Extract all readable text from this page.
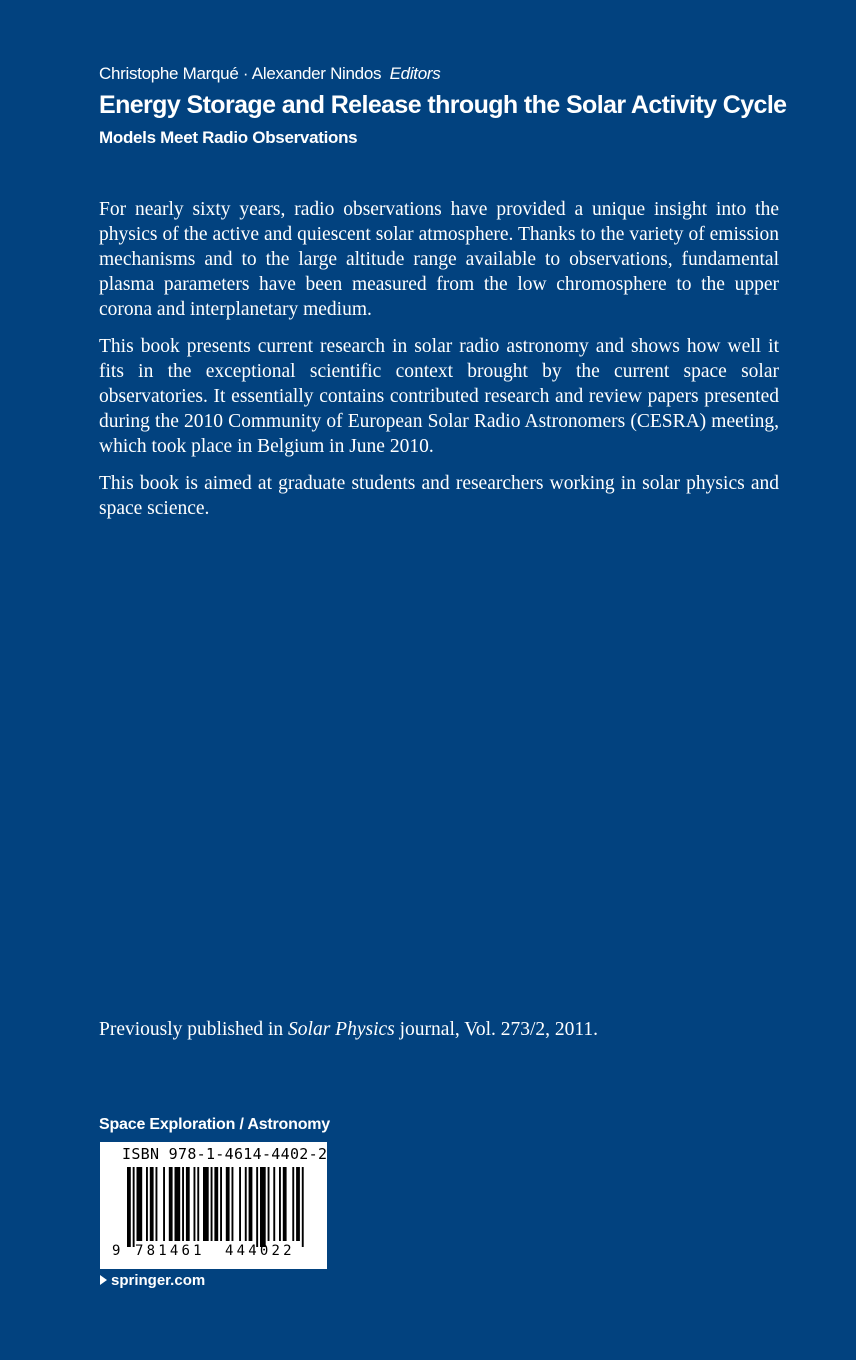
Christophe Marqué · Alexander Nindos Editors
Energy Storage and Release through the Solar Activity Cycle
Models Meet Radio Observations

For nearly sixty years, radio observations have provided a unique insight into the physics of the active and quiescent solar atmosphere. Thanks to the variety of emission mechanisms and to the large altitude range available to observations, fundamental plasma parameters have been measured from the low chromosphere to the upper corona and interplanetary medium.

This book presents current research in solar radio astronomy and shows how well it fits in the exceptional scientific context brought by the current space solar observatories. It essentially contains contributed research and review papers presented during the 2010 Community of European Solar Radio Astronomers (CESRA) meeting, which took place in Belgium in June 2010.

This book is aimed at graduate students and researchers working in solar physics and space science.

Previously published in Solar Physics journal, Vol. 273/2, 2011.
Space Exploration / Astronomy
ISBN 978-1-4614-4402-2
9 781461 444022
springer.com
